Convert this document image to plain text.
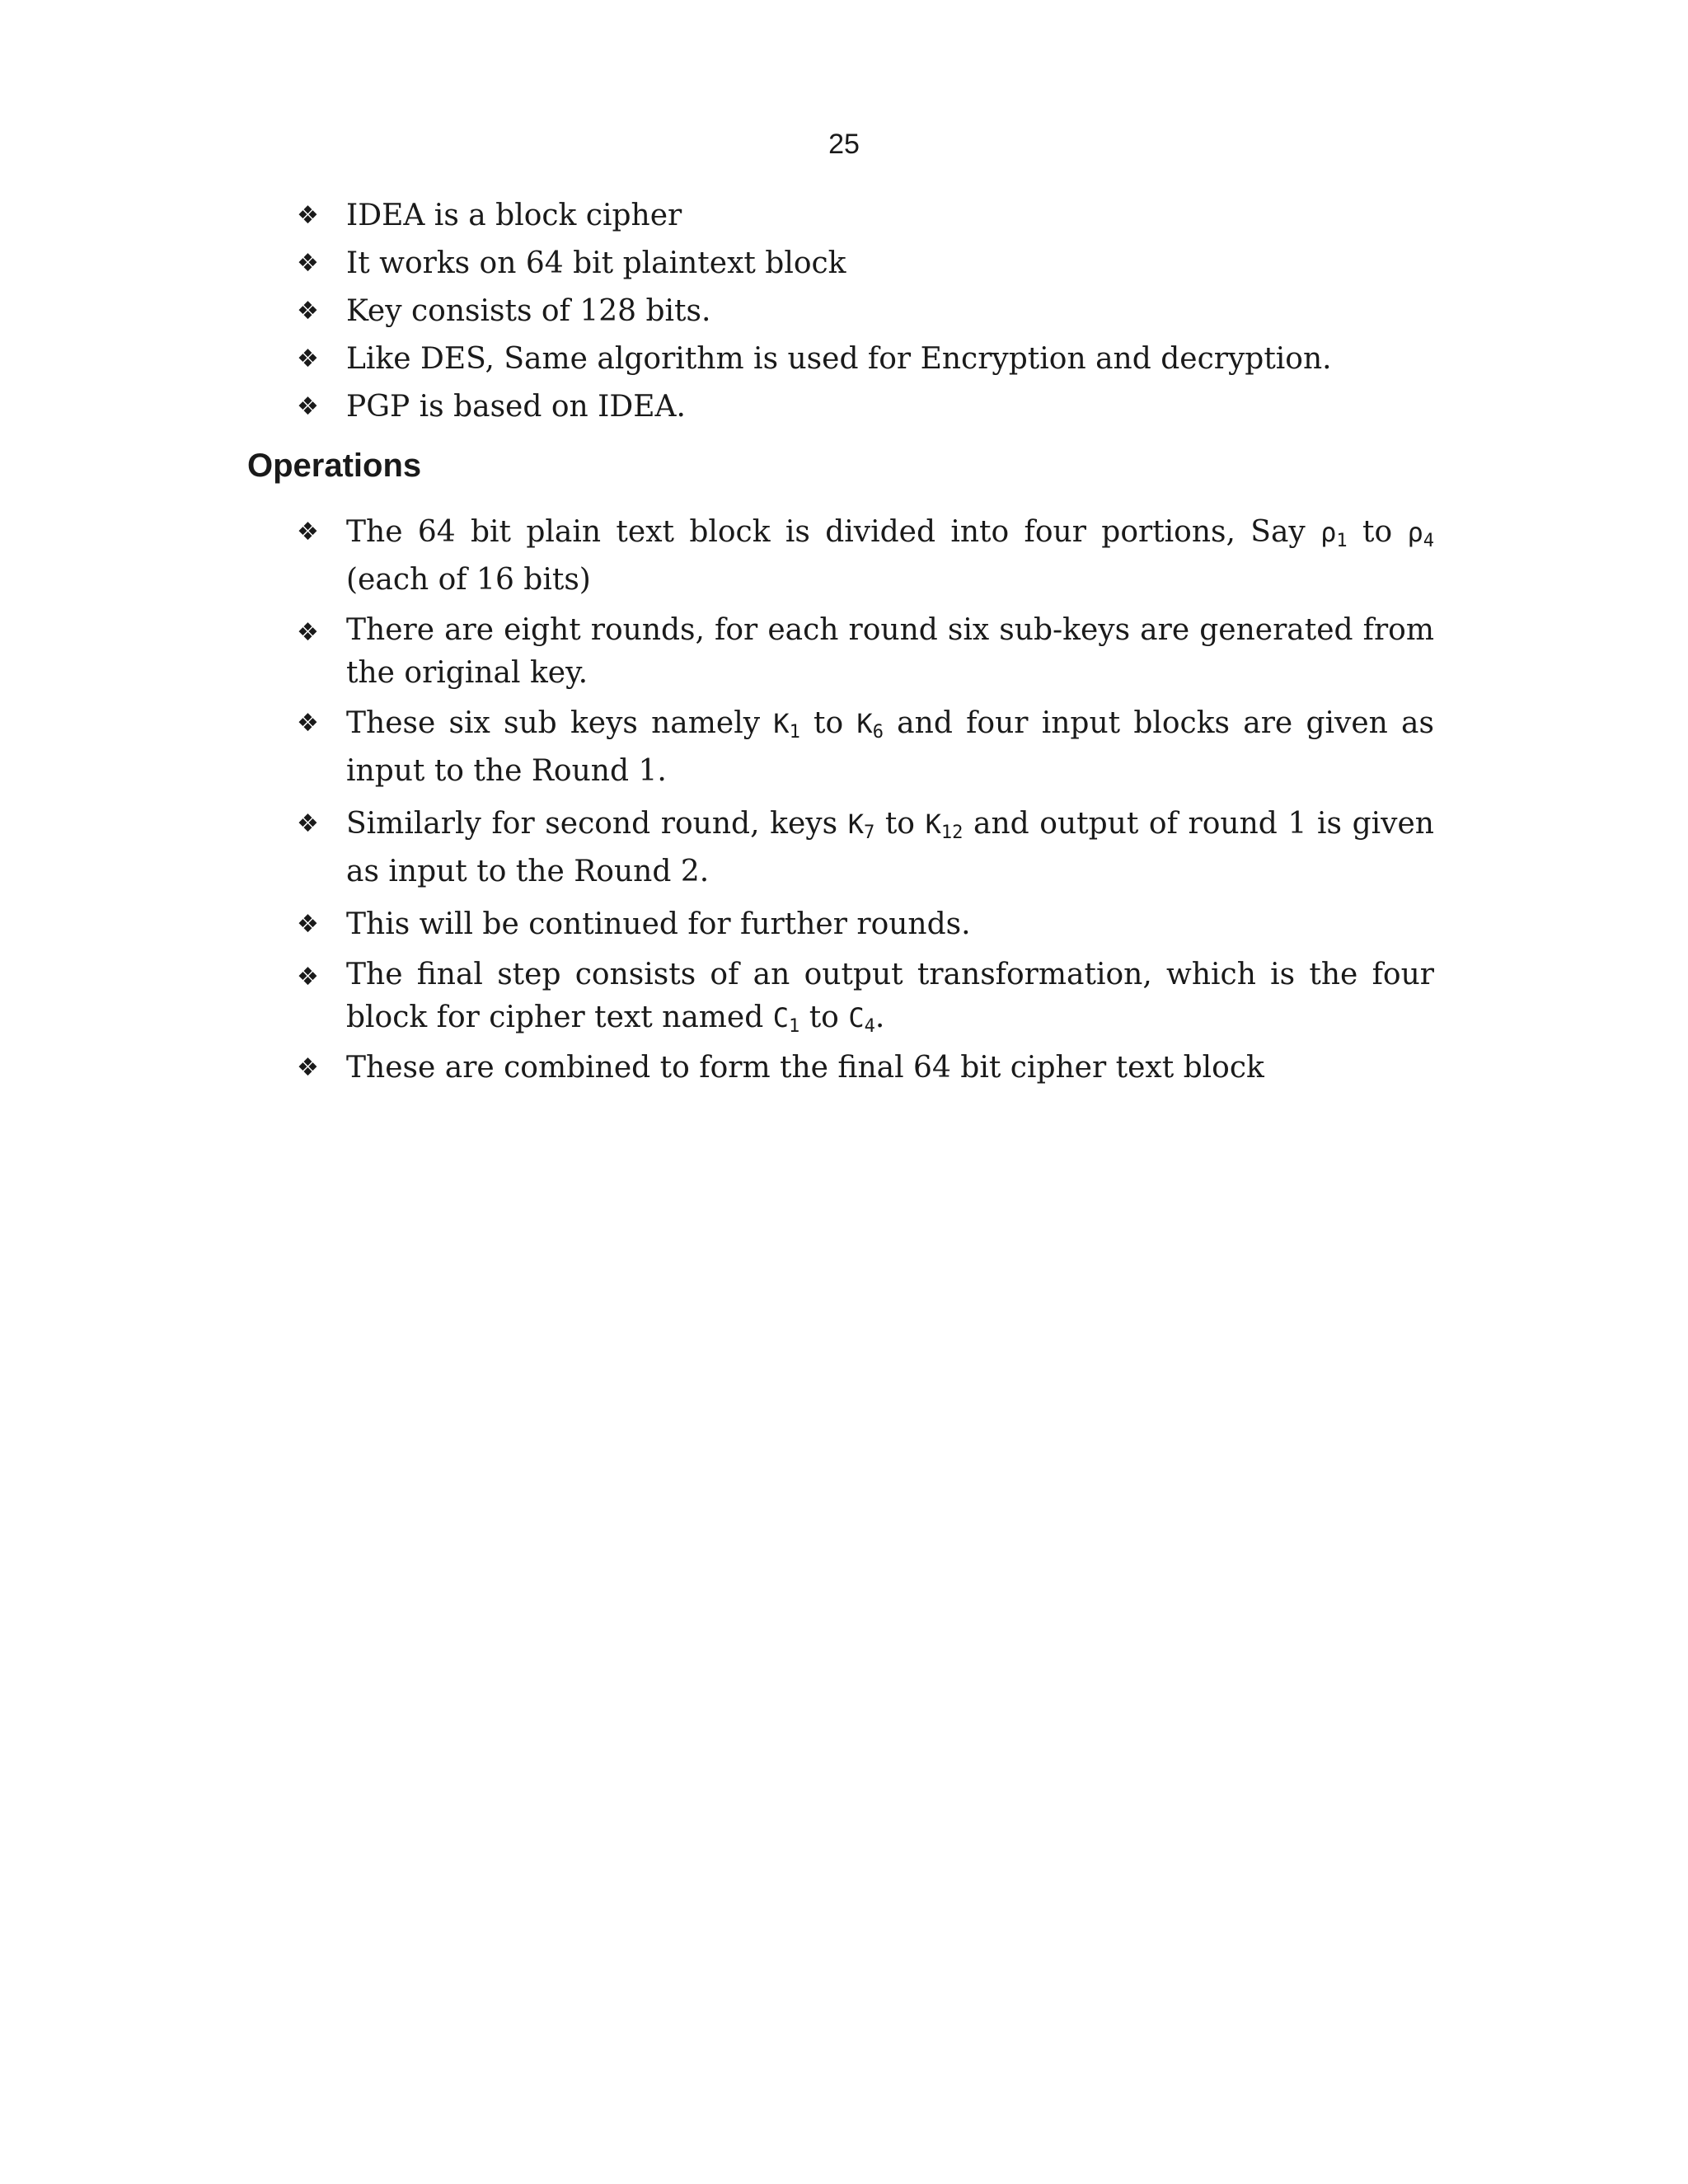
25
❖ IDEA is a block cipher
❖ It works on 64 bit plaintext block
❖ Key consists of 128 bits.
❖ Like DES, Same algorithm is used for Encryption and decryption.
❖ PGP is based on IDEA.
Operations
❖ The 64 bit plain text block is divided into four portions, Say $\rho_1$ to $\rho_4$ (each of 16 bits)
❖ There are eight rounds, for each round six sub-keys are generated from the original key.
❖ These six sub keys namely $K_1$ to $K_6$ and four input blocks are given as input to the Round 1.
❖ Similarly for second round, keys $K_7$ to $K_{12}$ and output of round 1 is given as input to the Round 2.
❖ This will be continued for further rounds.
❖ The final step consists of an output transformation, which is the four block for cipher text named $C_1$ to $C_4$.
❖ These are combined to form the final 64 bit cipher text block
